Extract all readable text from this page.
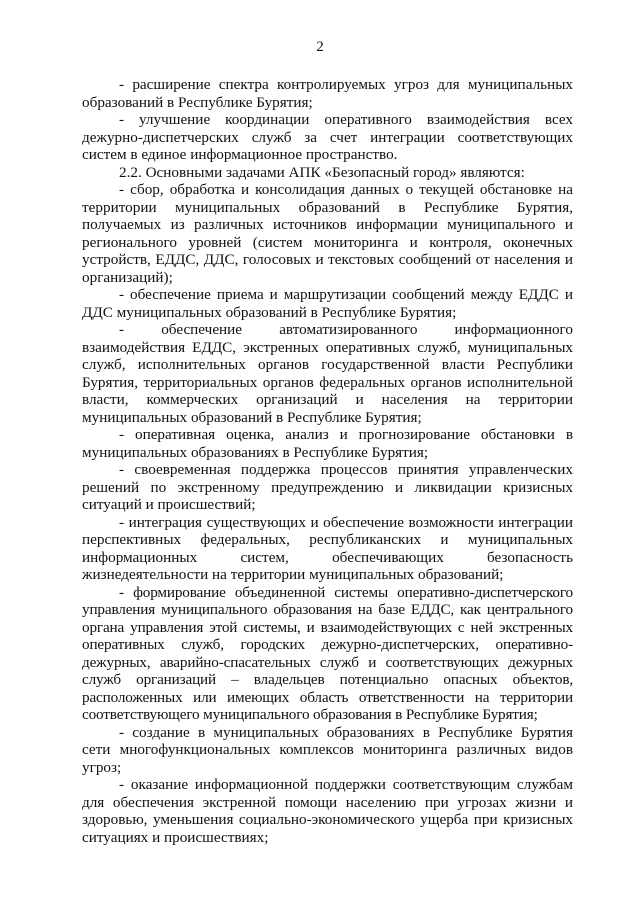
2

- расширение спектра контролируемых угроз для муниципальных образований в Республике Бурятия;

- улучшение координации оперативного взаимодействия всех дежурно-диспетчерских служб за счет интеграции соответствующих систем в единое информационное пространство.

2.2. Основными задачами АПК «Безопасный город» являются:

- сбор, обработка и консолидация данных о текущей обстановке на территории муниципальных образований в Республике Бурятия, получаемых из различных источников информации муниципального и регионального уровней (систем мониторинга и контроля, оконечных устройств, ЕДДС, ДДС, голосовых и текстовых сообщений от населения и организаций);

- обеспечение приема и маршрутизации сообщений между ЕДДС и ДДС муниципальных образований в Республике Бурятия;

- обеспечение автоматизированного информационного взаимодействия ЕДДС, экстренных оперативных служб, муниципальных служб, исполнительных органов государственной власти Республики Бурятия, территориальных органов федеральных органов исполнительной власти, коммерческих организаций и населения на территории муниципальных образований в Республике Бурятия;

- оперативная оценка, анализ и прогнозирование обстановки в муниципальных образованиях в Республике Бурятия;

- своевременная поддержка процессов принятия управленческих решений по экстренному предупреждению и ликвидации кризисных ситуаций и происшествий;

- интеграция существующих и обеспечение возможности интеграции перспективных федеральных, республиканских и муниципальных информационных систем, обеспечивающих безопасность жизнедеятельности на территории муниципальных образований;

- формирование объединенной системы оперативно-диспетчерского управления муниципального образования на базе ЕДДС, как центрального органа управления этой системы, и взаимодействующих с ней экстренных оперативных служб, городских дежурно-диспетчерских, оперативно-дежурных, аварийно-спасательных служб и соответствующих дежурных служб организаций – владельцев потенциально опасных объектов, расположенных или имеющих область ответственности на территории соответствующего муниципального образования в Республике Бурятия;

- создание в муниципальных образованиях в Республике Бурятия сети многофункциональных комплексов мониторинга различных видов угроз;

- оказание информационной поддержки соответствующим службам для обеспечения экстренной помощи населению при угрозах жизни и здоровью, уменьшения социально-экономического ущерба при кризисных ситуациях и происшествиях;
